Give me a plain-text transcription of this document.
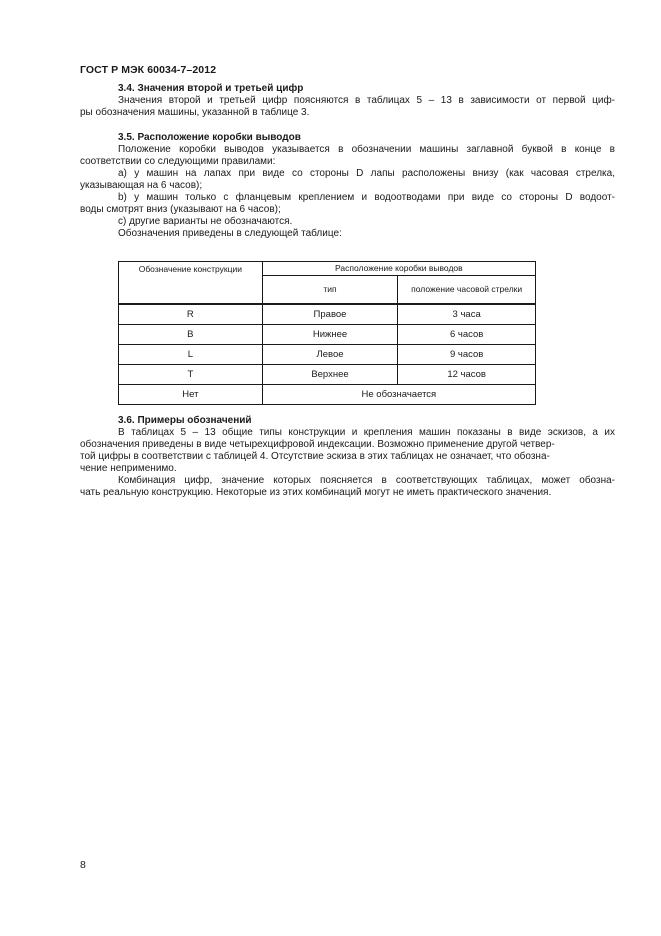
ГОСТ Р МЭК 60034-7–2012
3.4. Значения второй и третьей цифр
Значения второй и третьей цифр поясняются в таблицах 5 – 13 в зависимости от первой циф-
ры обозначения машины, указанной в таблице 3.
3.5. Расположение коробки выводов
Положение коробки выводов указывается в обозначении машины заглавной буквой в конце в
соответствии со следующими правилами:
a) у машин на лапах при виде со стороны D лапы расположены внизу (как часовая стрелка,
указывающая на 6 часов);
b) у машин только с фланцевым креплением и водоотводами при виде со стороны D водоот-
воды смотрят вниз (указывают на 6 часов);
c) другие варианты не обозначаются.
Обозначения приведены в следующей таблице:
Обозначение конструкции	Расположение коробки выводов	
	тип	положение часовой стрелки
R	Правое	3 часа
B	Нижнее	6 часов
L	Левое	9 часов
T	Верхнее	12 часов
Нет	Не обозначается	
3.6. Примеры обозначений
В таблицах 5 – 13 общие типы конструкции и крепления машин показаны в виде эскизов, а их
обозначения приведены в виде четырехцифровой индексации. Возможно применение другой четвер-
той цифры в соответствии с таблицей 4. Отсутствие эскиза в этих таблицах не означает, что обозна-
чение неприменимо.
Комбинация цифр, значение которых поясняется в соответствующих таблицах, может обозна-
чать реальную конструкцию. Некоторые из этих комбинаций могут не иметь практического значения.
8
